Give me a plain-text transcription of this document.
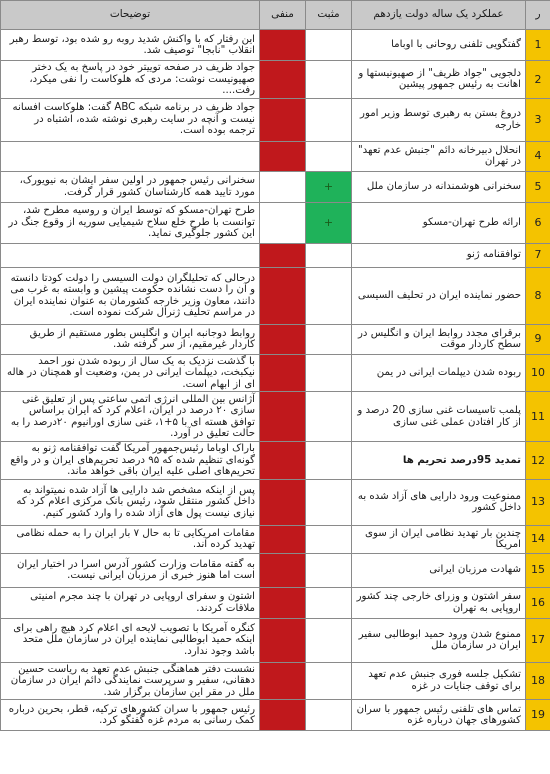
ر	عملکرد یک ساله دولت یازدهم	مثبت	منفی	توضیحات
1	گفتگویی تلفنی روحانی با اوباما			این رفتار که با واکنش شدید روبه رو شده بود، توسط رهبر انقلاب "نابجا" توصیف شد.
2	دلجویی "جواد ظریف" از صهیونیستها و اهانت به رئیس جمهور پیشین			جواد ظریف در صفحه توییتر خود در پاسخ به یک دختر صهیونیست نوشت: مردی که هلوکاست را نفی میکرد، رفت....
3	دروغ بستن به رهبری توسط وزیر امور خارجه			جواد ظریف در برنامه شبکه ABC گفت: هلوکاست افسانه نیست و آنچه در سایت رهبری نوشته شده، اشتباه در ترجمه بوده است.
4	انحلال دبیرخانه دائم "جنبش عدم تعهد" در تهران			
5	سخنرانی هوشمندانه در سازمان ملل	+		سخنرانی رئیس جمهور در اولین سفر ایشان به نیویورک، مورد تایید همه کارشناسان کشور قرار گرفت.
6	ارائه طرح تهران-مسکو	+		طرح تهران-مسکو که توسط ایران و روسیه مطرح شد، توانست با طرح خلع سلاح شیمیایی سوریه از وقوع جنگ در این کشور جلوگیری نماید.
7	توافقنامه ژنو			
8	حضور نماینده ایران در تحلیف السیسی			درحالی که تحلیلگران دولت السیسی را دولت کودتا دانسته و آن را دست نشانده حکومت پیشین و وابسته به غرب می دانند، معاون وزیر خارجه کشورمان به عنوان نماینده ایران در مراسم تحلیف ژنرال شرکت نموده است.
9	برقرای مجدد روابط ایران و انگلیس در سطح کاردار موقت			روابط دوجانبه ایران و انگلیس بطور مستقیم از طریق کاردار غیرمقیم، از سر گرفته شد.
10	ربوده شدن دیپلمات ایرانی در یمن			با گذشت نزدیک به یک سال از ربوده شدن نور احمد نیکبخت، دیپلمات ایرانی در یمن، وضعیت او همچنان در هاله ای از ابهام است.
11	پلمب تاسیسات غنی سازی 20 درصد و از کار افتادن عملی غنی سازی			آژانس بین المللی انرژی اتمی ساعتی پس از تعلیق غنی سازی ۲۰ درصد در ایران، اعلام کرد که ایران براساس توافق هسته ای با ۵+۱، غنی سازی اورانیوم ۲۰درصد را به حالت تعلیق در آورد.
12	تمدید 95درصد تحریم ها			باراک اوباما رئیس‌جمهور آمریکا گفت توافقنامه ژنو به گونه‌ای تنظیم شده که ۹۵ درصد تحریم‌های ایران و در واقع تحریم‌های اصلی علیه ایران باقی خواهد ماند.
13	ممنوعیت ورود دارایی های آزاد شده به داخل کشور			پس از اینکه مشخص شد دارایی ها آزاد شده نمیتواند به داخل کشور منتقل شود، رئیس بانک مرکزی اعلام کرد که نیازی نیست پول های آزاد شده را وارد کشور کنیم.
14	چندین بار تهدید نظامی ایران از سوی امریکا			مقامات امریکایی تا به حال ۷ بار ایران را به حمله نظامی تهدید کرده اند.
15	شهادت مرزبان ایرانی			به گفته مقامات وزارت کشور آدرس اسرا در اختیار ایران است اما هنوز خبری از مرزبان ایرانی نیست.
16	سفر اشتون و وزرای خارجی چند کشور اروپایی به تهران			اشتون و سفرای اروپایی در تهران با چند مجرم امنیتی ملاقات کردند.
17	ممنوع شدن ورود حمید ابوطالبی سفیر ایران در سازمان ملل			کنگره آمریکا با تصویب لایحه ای اعلام کرد هیچ راهی برای اینکه حمید ابوطالبی نماینده ایران در سازمان ملل متحد باشد وجود ندارد.
18	تشکیل جلسه فوری جنبش عدم تعهد برای توقف جنایات در غزه			نشست دفتر هماهنگی جنبش عدم تعهد به ریاست حسین دهقانی، سفیر و سرپرست نمایندگی دائم ایران در سازمان ملل در مقر این سازمان برگزار شد.
19	تماس های تلفنی رئیس جمهور با سران کشورهای جهان درباره غزه			رئیس جمهور با سران کشورهای ترکیه، قطر، بحرین درباره کمک رسانی به مردم غزه گفتگو کرد.
